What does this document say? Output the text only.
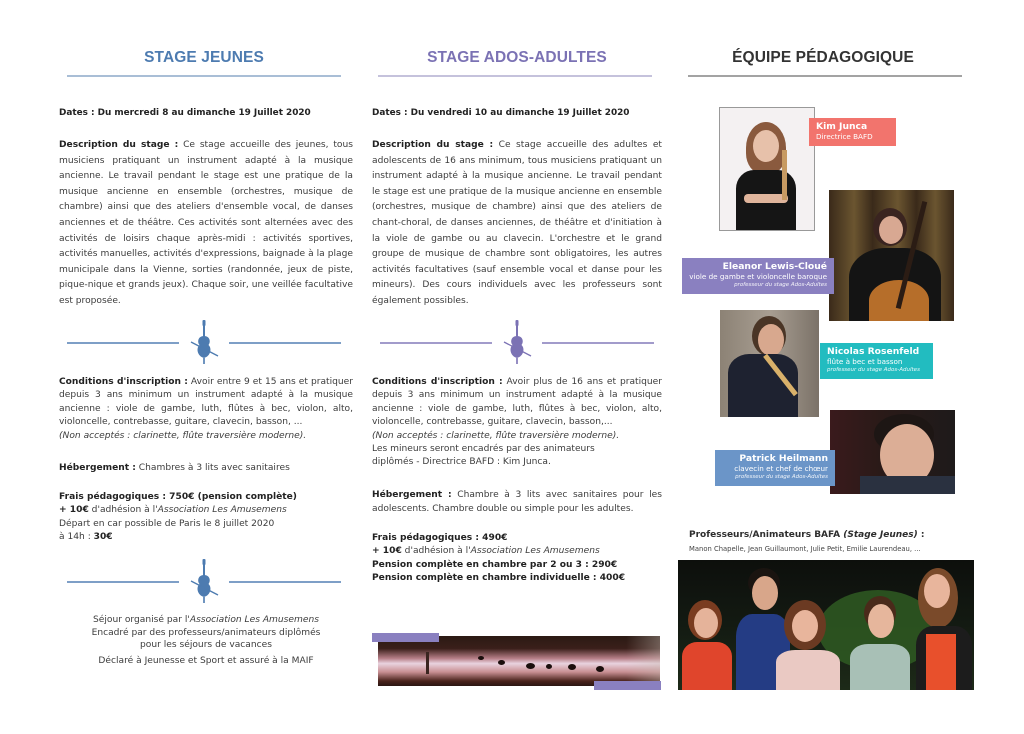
STAGE JEUNES
Dates : Du mercredi 8 au dimanche 19 Juillet 2020
Description du stage : Ce stage accueille des jeunes, tous musiciens pratiquant un instrument adapté à la musique ancienne. Le travail pendant le stage est une pratique de la musique ancienne en ensemble (orchestres, musique de chambre) ainsi que des ateliers d'ensemble vocal, de danses anciennes et de théâtre. Ces activités sont alternées avec des activités de loisirs chaque après-midi : activités sportives, activités manuelles, activités d'expressions, baignade à la plage municipale dans la Vienne, sorties (randonnée, jeux de piste, pique-nique et grands jeux). Chaque soir, une veillée facultative est proposée.
Conditions d'inscription : Avoir entre 9 et 15 ans et pratiquer depuis 3 ans minimum un instrument adapté à la musique ancienne : viole de gambe, luth, flûtes à bec, violon, alto, violoncelle, contrebasse, guitare, clavecin, basson, ...
(Non acceptés : clarinette, flûte traversière moderne).
Hébergement : Chambres à 3 lits avec sanitaires
Frais pédagogiques : 750€ (pension complète)
+ 10€ d'adhésion à l'Association Les Amusemens
Départ en car possible de Paris le 8 juillet 2020
à 14h : 30€
Séjour organisé par l'Association Les Amusemens
Encadré par des professeurs/animateurs diplômés
pour les séjours de vacances
Déclaré à Jeunesse et Sport et assuré à la MAIF
STAGE ADOS-ADULTES
Dates : Du vendredi 10 au dimanche 19 Juillet 2020
Description du stage : Ce stage accueille des adultes et adolescents de 16 ans minimum, tous musiciens pratiquant un instrument adapté à la musique ancienne. Le travail pendant le stage est une pratique de la musique ancienne en ensemble (orchestres, musique de chambre) ainsi que des ateliers de chant-choral, de danses anciennes, de théâtre et d'initiation à la viole de gambe ou au clavecin. L'orchestre et le grand groupe de musique de chambre sont obligatoires, les autres activités facultatives (sauf ensemble vocal et danse pour les mineurs). Des cours individuels avec les professeurs sont également possibles.
Conditions d'inscription : Avoir plus de 16 ans et pratiquer depuis 3 ans minimum un instrument adapté à la musique ancienne : viole de gambe, luth, flûtes à bec, violon, alto, violoncelle, contrebasse, guitare, clavecin, basson,...
(Non acceptés : clarinette, flûte traversière moderne).
Les mineurs seront encadrés par des animateurs diplômés - Directrice BAFD : Kim Junca.
Hébergement : Chambre à 3 lits avec sanitaires pour les adolescents. Chambre double ou simple pour les adultes.
Frais pédagogiques : 490€
+ 10€ d'adhésion à l'Association Les Amusemens
Pension complète en chambre par 2 ou 3 : 290€
Pension complète en chambre individuelle : 400€
ÉQUIPE PÉDAGOGIQUE
Kim Junca
Directrice BAFD
Eleanor Lewis-Cloué
viole de gambe et violoncelle baroque
professeur du stage Ados-Adultes
Nicolas Rosenfeld
flûte à bec et basson
professeur du stage Ados-Adultes
Patrick Heilmann
clavecin et chef de chœur
professeur du stage Ados-Adultes
Professeurs/Animateurs BAFA (Stage Jeunes) :
Manon Chapelle, Jean Guillaumont, Julie Petit, Emilie Laurendeau, ...
